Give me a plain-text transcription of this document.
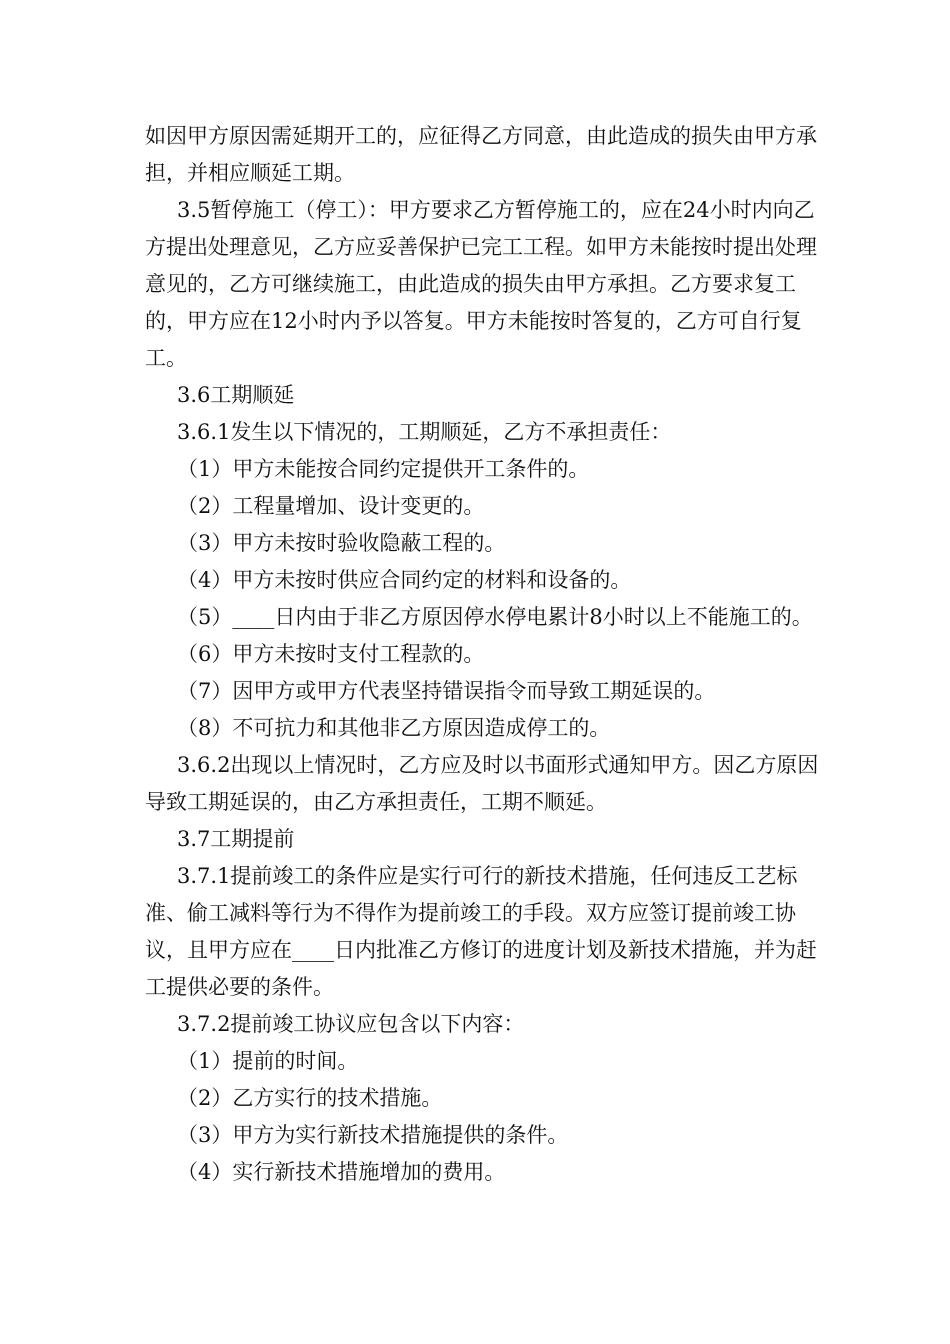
如因甲方原因需延期开工的，应征得乙方同意，由此造成的损失由甲方承担，并相应顺延工期。

3.5暂停施工（停工）：甲方要求乙方暂停施工的，应在24小时内向乙方提出处理意见，乙方应妥善保护已完工工程。如甲方未能按时提出处理意见的，乙方可继续施工，由此造成的损失由甲方承担。乙方要求复工的，甲方应在12小时内予以答复。甲方未能按时答复的，乙方可自行复工。

3.6工期顺延

3.6.1发生以下情况的，工期顺延，乙方不承担责任：

（1）甲方未能按合同约定提供开工条件的。

（2）工程量增加、设计变更的。

（3）甲方未按时验收隐蔽工程的。

（4）甲方未按时供应合同约定的材料和设备的。

（5）____日内由于非乙方原因停水停电累计8小时以上不能施工的。

（6）甲方未按时支付工程款的。

（7）因甲方或甲方代表坚持错误指令而导致工期延误的。

（8）不可抗力和其他非乙方原因造成停工的。

3.6.2出现以上情况时，乙方应及时以书面形式通知甲方。因乙方原因导致工期延误的，由乙方承担责任，工期不顺延。

3.7工期提前

3.7.1提前竣工的条件应是实行可行的新技术措施，任何违反工艺标准、偷工减料等行为不得作为提前竣工的手段。双方应签订提前竣工协议，且甲方应在____日内批准乙方修订的进度计划及新技术措施，并为赶工提供必要的条件。

3.7.2提前竣工协议应包含以下内容：

（1）提前的时间。

（2）乙方实行的技术措施。

（3）甲方为实行新技术措施提供的条件。

（4）实行新技术措施增加的费用。
